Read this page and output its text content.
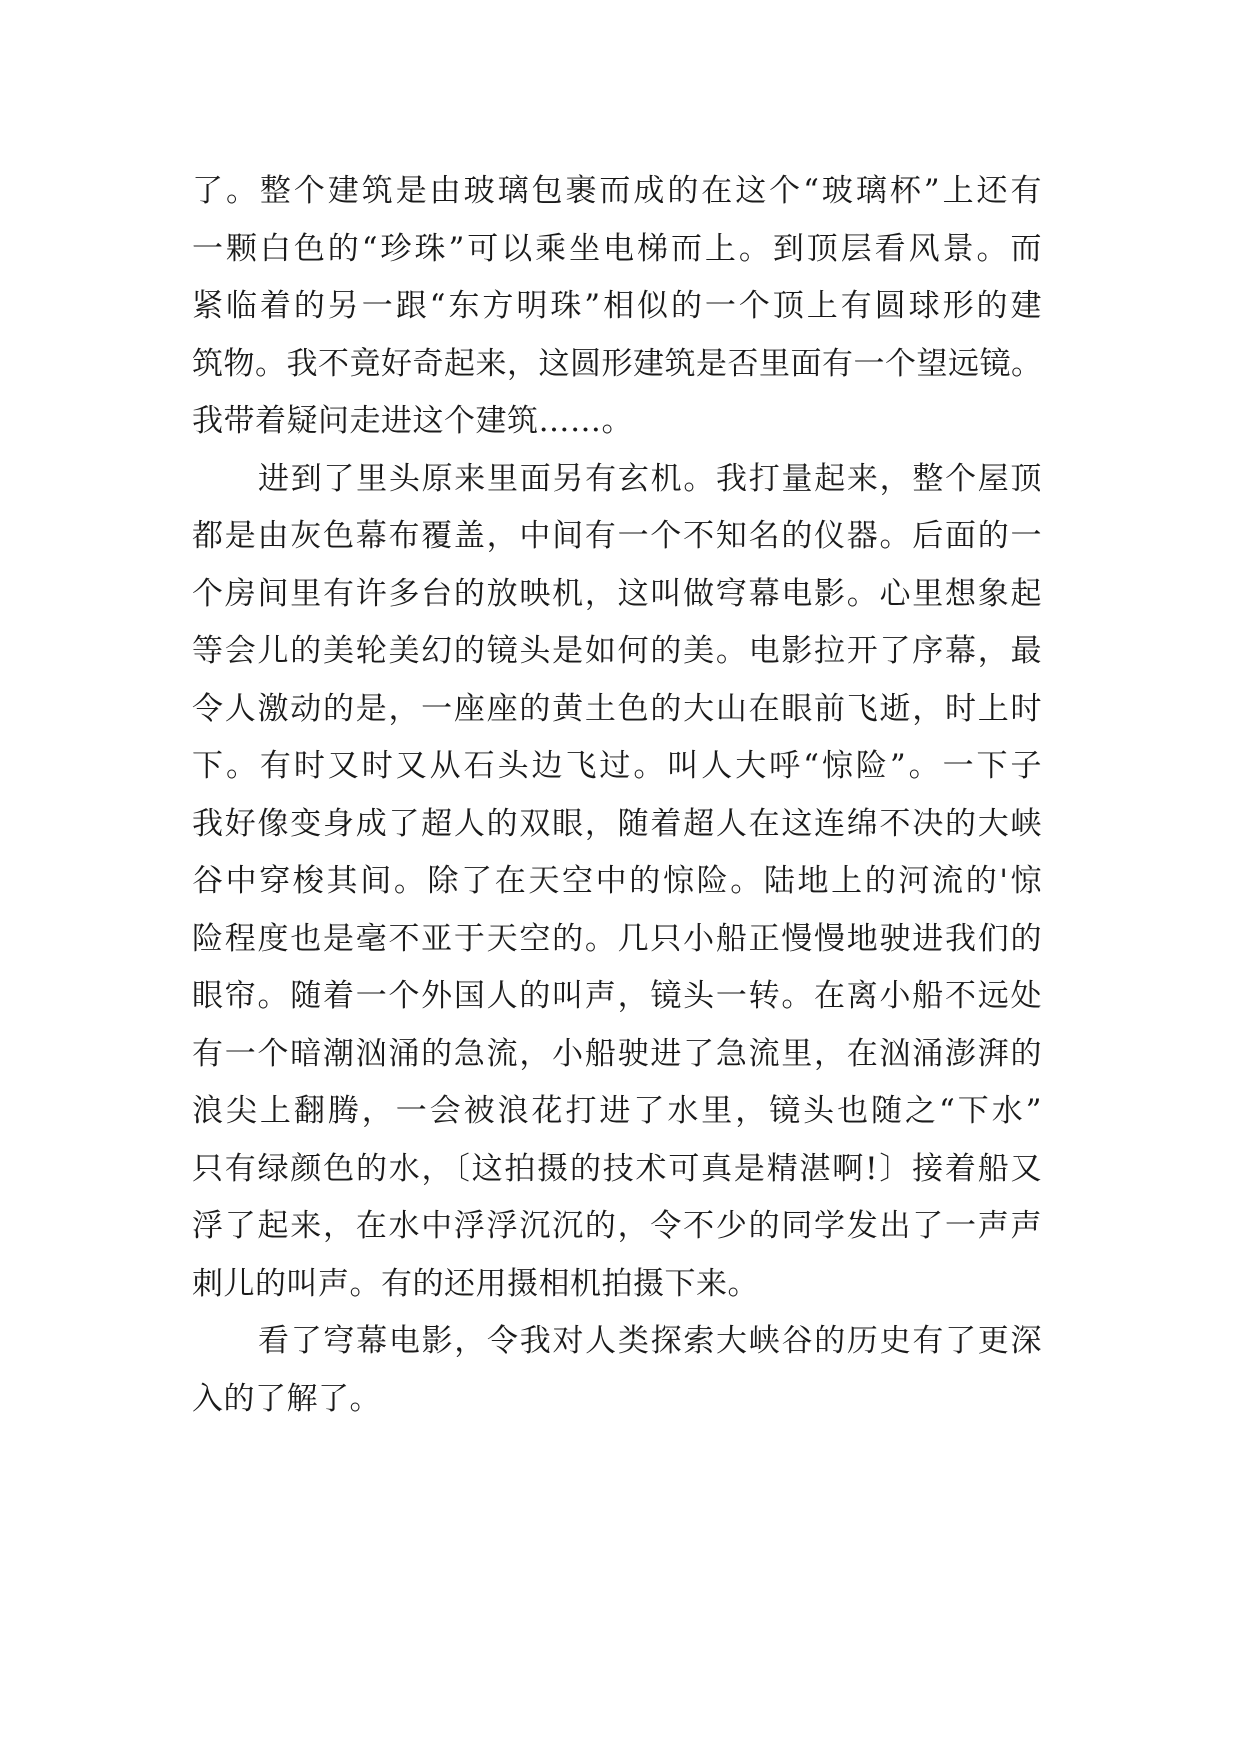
了。整个建筑是由玻璃包裹而成的在这个“玻璃杯”上还有
一颗白色的“珍珠”可以乘坐电梯而上。到顶层看风景。而
紧临着的另一跟“东方明珠”相似的一个顶上有圆球形的建
筑物。我不竟好奇起来，这圆形建筑是否里面有一个望远镜。
我带着疑问走进这个建筑……。
进到了里头原来里面另有玄机。我打量起来，整个屋顶
都是由灰色幕布覆盖，中间有一个不知名的仪器。后面的一
个房间里有许多台的放映机，这叫做穹幕电影。心里想象起
等会儿的美轮美幻的镜头是如何的美。电影拉开了序幕，最
令人激动的是，一座座的黄土色的大山在眼前飞逝，时上时
下。有时又时又从石头边飞过。叫人大呼“惊险”。一下子
我好像变身成了超人的双眼，随着超人在这连绵不决的大峡
谷中穿梭其间。除了在天空中的惊险。陆地上的河流的'惊
险程度也是毫不亚于天空的。几只小船正慢慢地驶进我们的
眼帘。随着一个外国人的叫声，镜头一转。在离小船不远处
有一个暗潮汹涌的急流，小船驶进了急流里，在汹涌澎湃的
浪尖上翻腾，一会被浪花打进了水里，镜头也随之“下水”
只有绿颜色的水，〔这拍摄的技术可真是精湛啊!〕接着船又
浮了起来，在水中浮浮沉沉的，令不少的同学发出了一声声
刺儿的叫声。有的还用摄相机拍摄下来。
看了穹幕电影，令我对人类探索大峡谷的历史有了更深
入的了解了。
